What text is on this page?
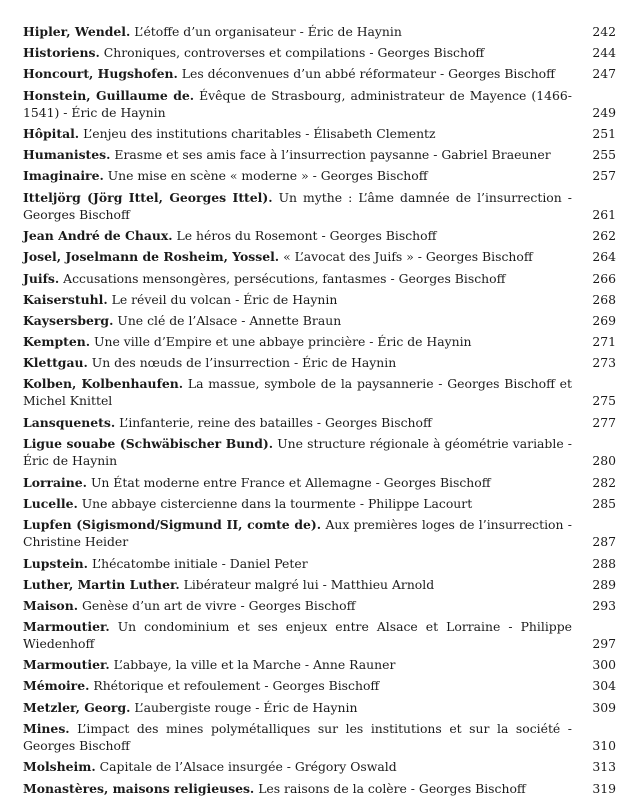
Hipler, Wendel. L’étoffe d’un organisateur - Éric de Haynin	242
Historiens. Chroniques, controverses et compilations - Georges Bischoff	244
Honcourt, Hugshofen. Les déconvenues d’un abbé réformateur - Georges Bischoff	247
Honstein, Guillaume de. Évêque de Strasbourg, administrateur de Mayence (1466-1541) - Éric de Haynin	249
Hôpital. L’enjeu des institutions charitables - Élisabeth Clementz	251
Humanistes. Erasme et ses amis face à l’insurrection paysanne - Gabriel Braeuner	255
Imaginaire. Une mise en scène « moderne » - Georges Bischoff	257
Itteljörg (Jörg Ittel, Georges Ittel). Un mythe : L’âme damnée de l’insurrection - Georges Bischoff	261
Jean André de Chaux. Le héros du Rosemont - Georges Bischoff	262
Josel, Joselmann de Rosheim, Yossel. « L’avocat des Juifs » - Georges Bischoff	264
Juifs. Accusations mensongères, persécutions, fantasmes - Georges Bischoff	266
Kaiserstuhl. Le réveil du volcan - Éric de Haynin	268
Kaysersberg. Une clé de l’Alsace - Annette Braun	269
Kempten. Une ville d’Empire et une abbaye princière - Éric de Haynin	271
Klettgau. Un des nœuds de l’insurrection - Éric de Haynin	273
Kolben, Kolbenhaufen. La massue, symbole de la paysannerie - Georges Bischoff et Michel Knittel	275
Lansquenets. L’infanterie, reine des batailles - Georges Bischoff	277
Ligue souabe (Schwäbischer Bund). Une structure régionale à géométrie variable - Éric de Haynin	280
Lorraine. Un État moderne entre France et Allemagne - Georges Bischoff	282
Lucelle. Une abbaye cistercienne dans la tourmente - Philippe Lacourt	285
Lupfen (Sigismond/Sigmund II, comte de). Aux premières loges de l’insurrection - Christine Heider	287
Lupstein. L’hécatombe initiale - Daniel Peter	288
Luther, Martin Luther. Libérateur malgré lui - Matthieu Arnold	289
Maison. Genèse d’un art de vivre - Georges Bischoff	293
Marmoutier. Un condominium et ses enjeux entre Alsace et Lorraine - Philippe Wiedenhoff	297
Marmoutier. L’abbaye, la ville et la Marche - Anne Rauner	300
Mémoire. Rhétorique et refoulement - Georges Bischoff	304
Metzler, Georg. L’aubergiste rouge - Éric de Haynin	309
Mines. L’impact des mines polymétalliques sur les institutions et sur la société - Georges Bischoff	310
Molsheim. Capitale de l’Alsace insurgée - Grégory Oswald	313
Monastères, maisons religieuses. Les raisons de la colère - Georges Bischoff	319
